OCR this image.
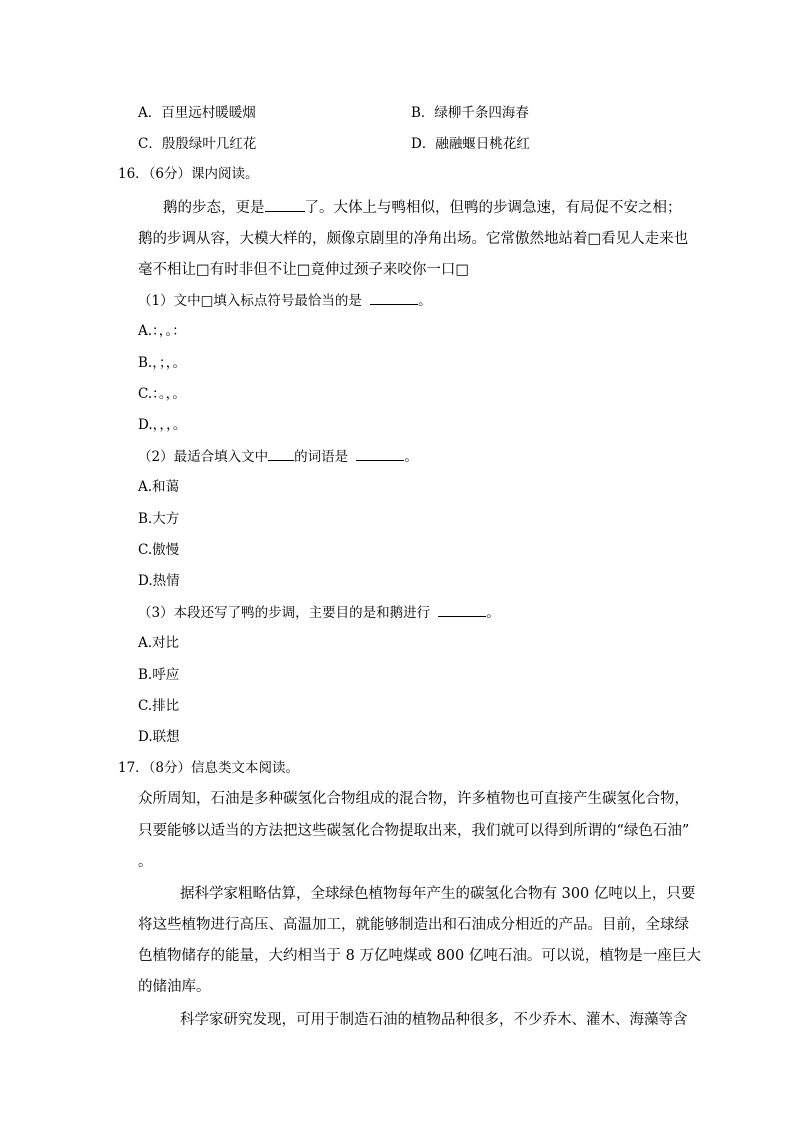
A．百里远村暖暖烟	B．绿柳千条四海春
C．殷殷绿叶几红花	D．融融蝘日桃花红
16．（6分）课内阅读。
鹅的步态，更是	了。大体上与鸭相似，但鸭的步调急速，有局促不安之相；
鹅的步调从容，大模大样的，颇像京剧里的净角出场。它常傲然地站着□看见人走来也
毫不相让□有时非但不让□竟伸过颈子来咬你一口□
（1）文中□填入标点符号最恰当的是	。
A.：，。：
B.，；，。
C.：。，。
D.，，，。
（2）最适合填入文中 的词语是	。
A.和蔼
B.大方
C.傲慢
D.热情
（3）本段还写了鸭的步调，主要目的是和鹅进行	。
A.对比
B.呼应
C.排比
D.联想
17．（8分）信息类文本阅读。
众所周知，石油是多种碳氢化合物组成的混合物，许多植物也可直接产生碳氢化合物，
只要能够以适当的方法把这些碳氢化合物提取出来，我们就可以得到所谓的“绿色石油”
。
据科学家粗略估算，全球绿色植物每年产生的碳氢化合物有 300 亿吨以上，只要
将这些植物进行高压、高温加工，就能够制造出和石油成分相近的产品。目前，全球绿
色植物储存的能量，大约相当于 8 万亿吨煤或 800 亿吨石油。可以说，植物是一座巨大
的储油库。
科学家研究发现，可用于制造石油的植物品种很多，不少乔木、灌木、海藻等含
